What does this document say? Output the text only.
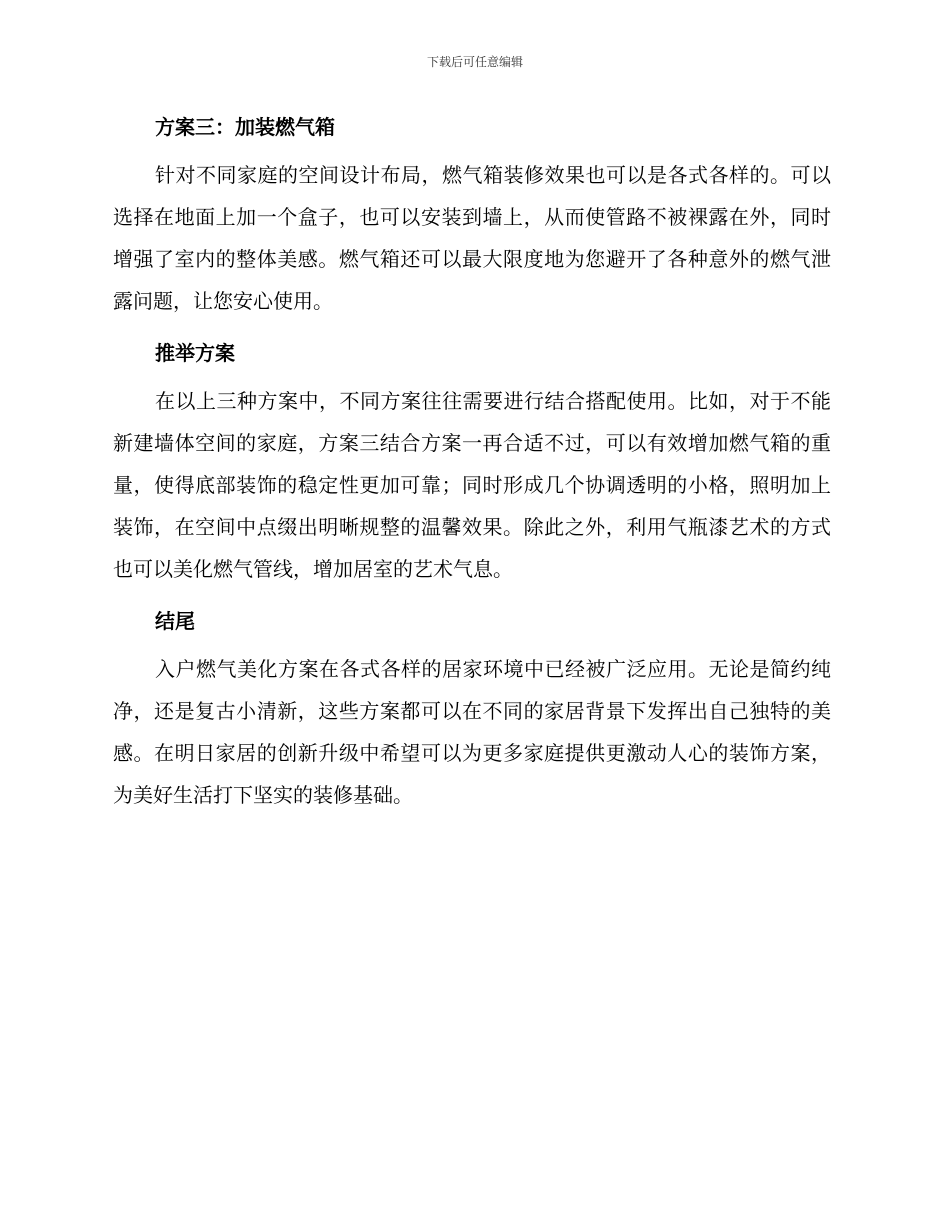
下载后可任意编辑
方案三：加装燃气箱

针对不同家庭的空间设计布局，燃气箱装修效果也可以是各式各样的。可以选择在地面上加一个盒子，也可以安装到墙上，从而使管路不被裸露在外，同时增强了室内的整体美感。燃气箱还可以最大限度地为您避开了各种意外的燃气泄露问题，让您安心使用。

推举方案

在以上三种方案中，不同方案往往需要进行结合搭配使用。比如，对于不能新建墙体空间的家庭，方案三结合方案一再合适不过，可以有效增加燃气箱的重量，使得底部装饰的稳定性更加可靠；同时形成几个协调透明的小格，照明加上装饰，在空间中点缀出明晰规整的温馨效果。除此之外，利用气瓶漆艺术的方式也可以美化燃气管线，增加居室的艺术气息。

结尾

入户燃气美化方案在各式各样的居家环境中已经被广泛应用。无论是简约纯净，还是复古小清新，这些方案都可以在不同的家居背景下发挥出自己独特的美感。在明日家居的创新升级中希望可以为更多家庭提供更激动人心的装饰方案，为美好生活打下坚实的装修基础。
